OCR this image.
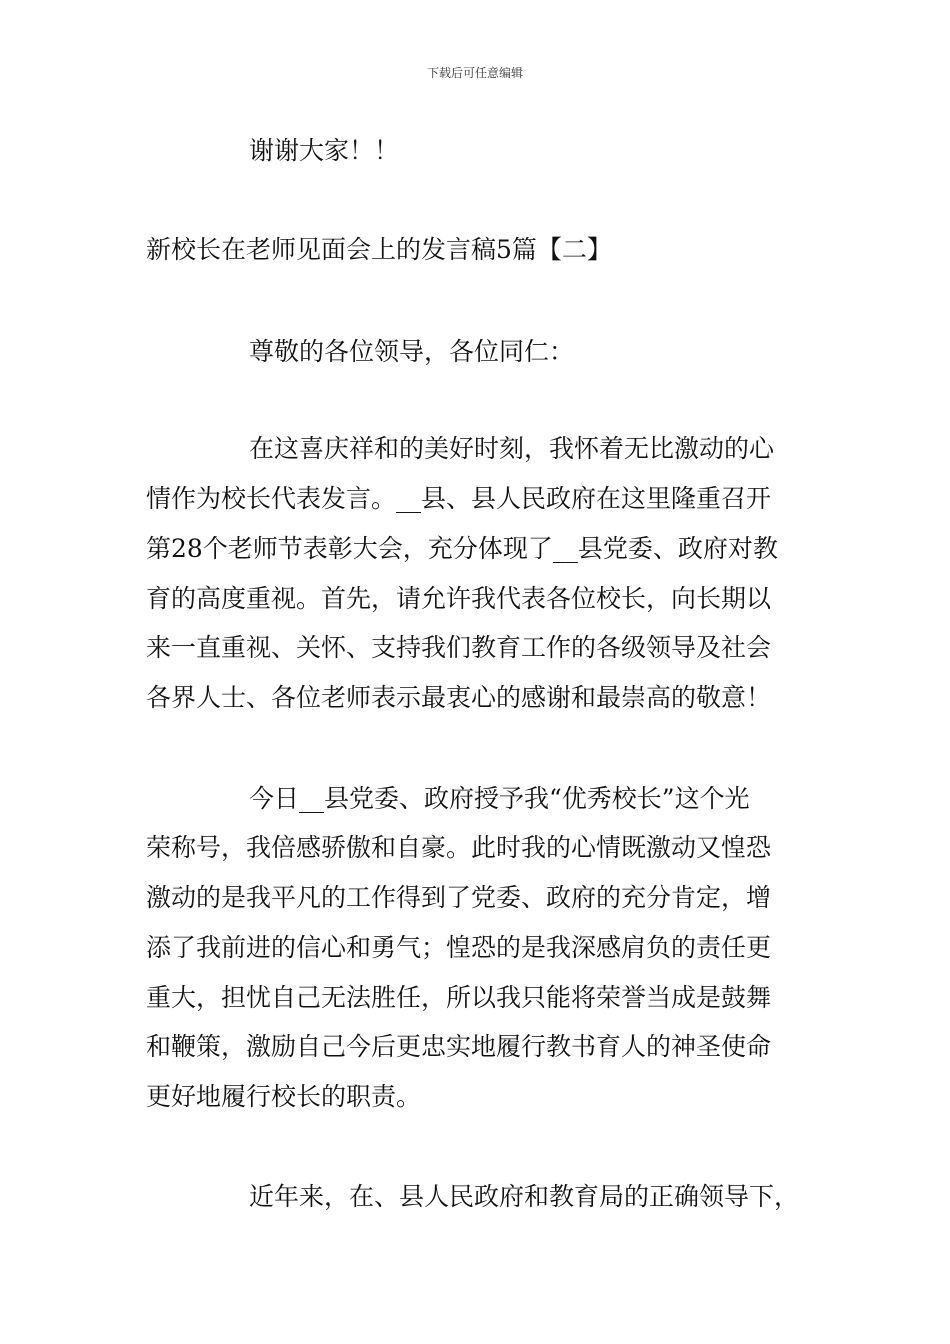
下载后可任意编辑
谢谢大家！！
新校长在老师见面会上的发言稿5篇【二】
尊敬的各位领导，各位同仁：
在这喜庆祥和的美好时刻，我怀着无比激动的心
情作为校长代表发言。__县、县人民政府在这里隆重召开
第28个老师节表彰大会，充分体现了__县党委、政府对教
育的高度重视。首先，请允许我代表各位校长，向长期以
来一直重视、关怀、支持我们教育工作的各级领导及社会
各界人士、各位老师表示最衷心的感谢和最崇高的敬意！
今日__县党委、政府授予我“优秀校长”这个光
荣称号，我倍感骄傲和自豪。此时我的心情既激动又惶恐
激动的是我平凡的工作得到了党委、政府的充分肯定，增
添了我前进的信心和勇气；惶恐的是我深感肩负的责任更
重大，担忧自己无法胜任，所以我只能将荣誉当成是鼓舞
和鞭策，激励自己今后更忠实地履行教书育人的神圣使命
更好地履行校长的职责。
近年来，在、县人民政府和教育局的正确领导下，
